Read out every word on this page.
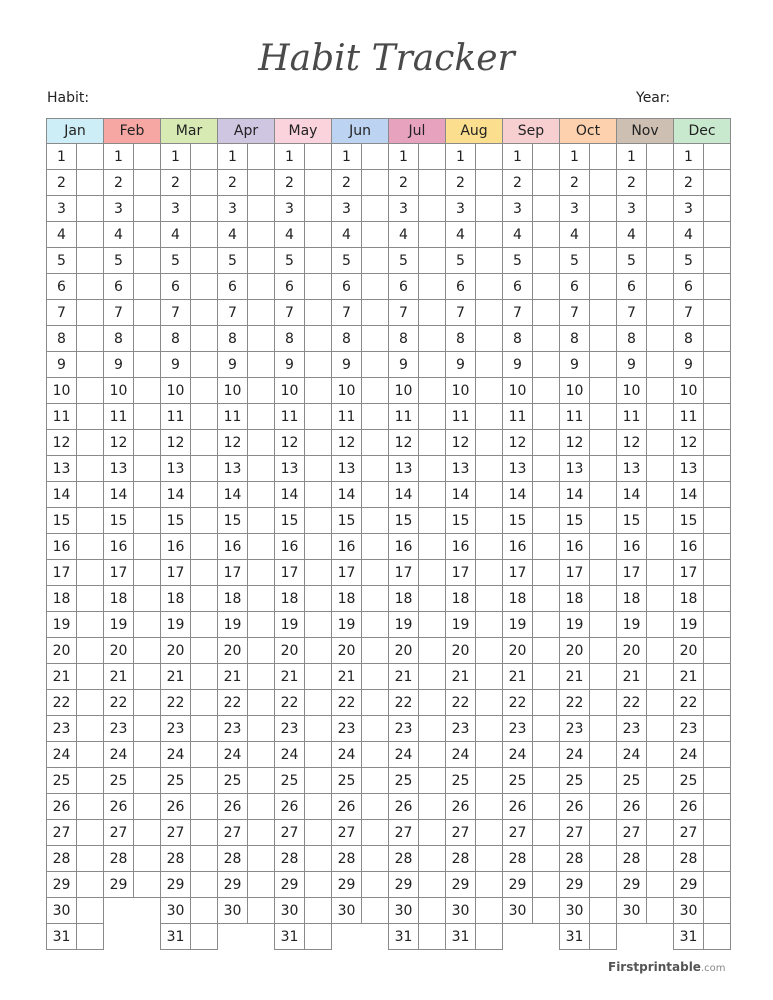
Habit Tracker
Habit:	Year:
Jan
1
2
3
4
5
6
7
8
9
10
11
12
13
14
15
16
17
18
19
20
21
22
23
24
25
26
27
28
29
30
31
Feb
1
2
3
4
5
6
7
8
9
10
11
12
13
14
15
16
17
18
19
20
21
22
23
24
25
26
27
28
29
Mar
1
2
3
4
5
6
7
8
9
10
11
12
13
14
15
16
17
18
19
20
21
22
23
24
25
26
27
28
29
30
31
Apr
1
2
3
4
5
6
7
8
9
10
11
12
13
14
15
16
17
18
19
20
21
22
23
24
25
26
27
28
29
30
May
1
2
3
4
5
6
7
8
9
10
11
12
13
14
15
16
17
18
19
20
21
22
23
24
25
26
27
28
29
30
31
Jun
1
2
3
4
5
6
7
8
9
10
11
12
13
14
15
16
17
18
19
20
21
22
23
24
25
26
27
28
29
30
Jul
1
2
3
4
5
6
7
8
9
10
11
12
13
14
15
16
17
18
19
20
21
22
23
24
25
26
27
28
29
30
31
Aug
1
2
3
4
5
6
7
8
9
10
11
12
13
14
15
16
17
18
19
20
21
22
23
24
25
26
27
28
29
30
31
Sep
1
2
3
4
5
6
7
8
9
10
11
12
13
14
15
16
17
18
19
20
21
22
23
24
25
26
27
28
29
30
Oct
1
2
3
4
5
6
7
8
9
10
11
12
13
14
15
16
17
18
19
20
21
22
23
24
25
26
27
28
29
30
31
Nov
1
2
3
4
5
6
7
8
9
10
11
12
13
14
15
16
17
18
19
20
21
22
23
24
25
26
27
28
29
30
Dec
1
2
3
4
5
6
7
8
9
10
11
12
13
14
15
16
17
18
19
20
21
22
23
24
25
26
27
28
29
30
31
Firstprintable.com
